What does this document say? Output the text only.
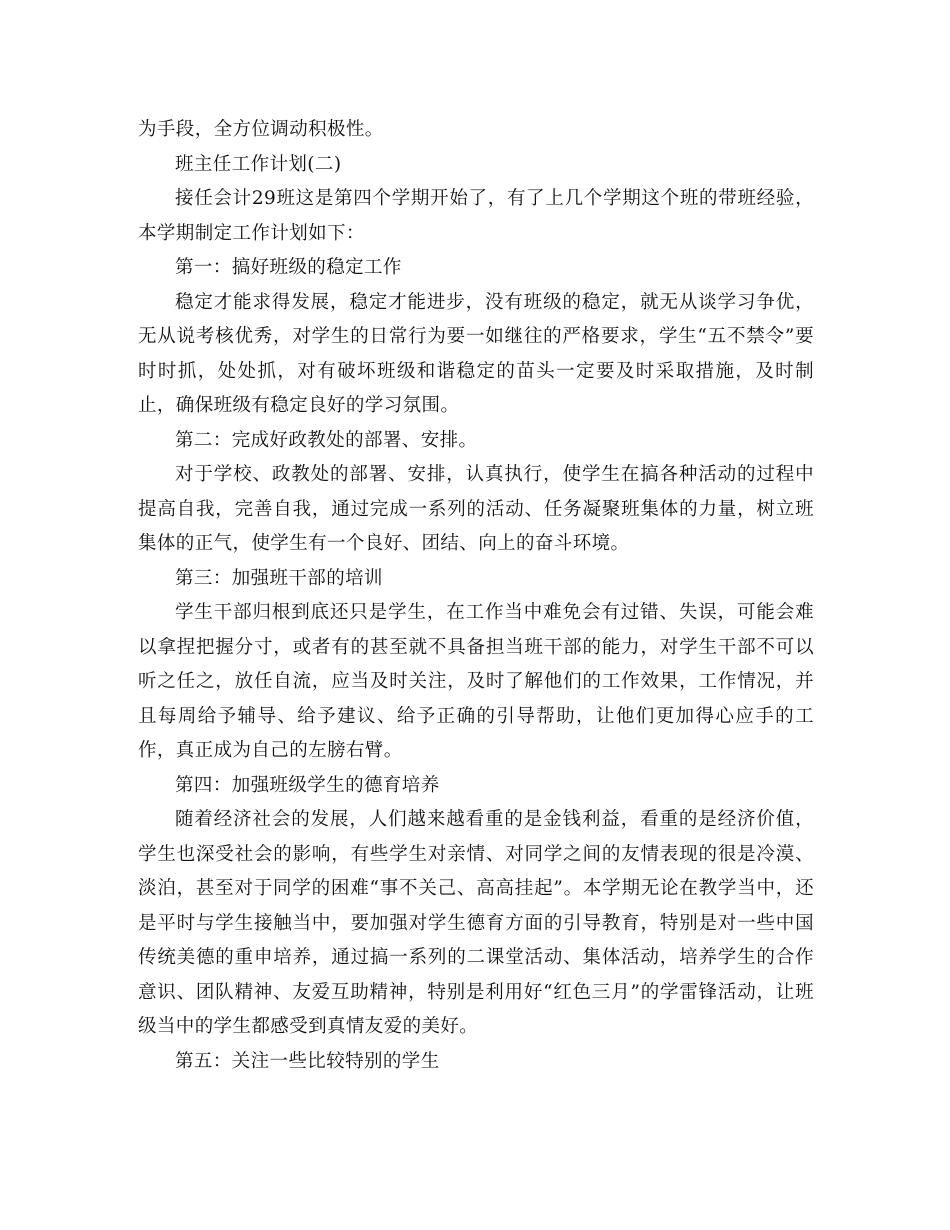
为手段，全方位调动积极性。

班主任工作计划(二)

接任会计29班这是第四个学期开始了，有了上几个学期这个班的带班经验，本学期制定工作计划如下：

第一：搞好班级的稳定工作

稳定才能求得发展，稳定才能进步，没有班级的稳定，就无从谈学习争优，无从说考核优秀，对学生的日常行为要一如继往的严格要求，学生“五不禁令”要时时抓，处处抓，对有破坏班级和谐稳定的苗头一定要及时采取措施，及时制止，确保班级有稳定良好的学习氛围。

第二：完成好政教处的部署、安排。

对于学校、政教处的部署、安排，认真执行，使学生在搞各种活动的过程中提高自我，完善自我，通过完成一系列的活动、任务凝聚班集体的力量，树立班集体的正气，使学生有一个良好、团结、向上的奋斗环境。

第三：加强班干部的培训

学生干部归根到底还只是学生，在工作当中难免会有过错、失误，可能会难以拿捏把握分寸，或者有的甚至就不具备担当班干部的能力，对学生干部不可以听之任之，放任自流，应当及时关注，及时了解他们的工作效果，工作情况，并且每周给予辅导、给予建议、给予正确的引导帮助，让他们更加得心应手的工作，真正成为自己的左膀右臂。

第四：加强班级学生的德育培养

随着经济社会的发展，人们越来越看重的是金钱利益，看重的是经济价值，学生也深受社会的影响，有些学生对亲情、对同学之间的友情表现的很是冷漠、淡泊，甚至对于同学的困难“事不关己、高高挂起”。本学期无论在教学当中，还是平时与学生接触当中，要加强对学生德育方面的引导教育，特别是对一些中国传统美德的重申培养，通过搞一系列的二课堂活动、集体活动，培养学生的合作意识、团队精神、友爱互助精神，特别是利用好“红色三月”的学雷锋活动，让班级当中的学生都感受到真情友爱的美好。

第五：关注一些比较特别的学生
